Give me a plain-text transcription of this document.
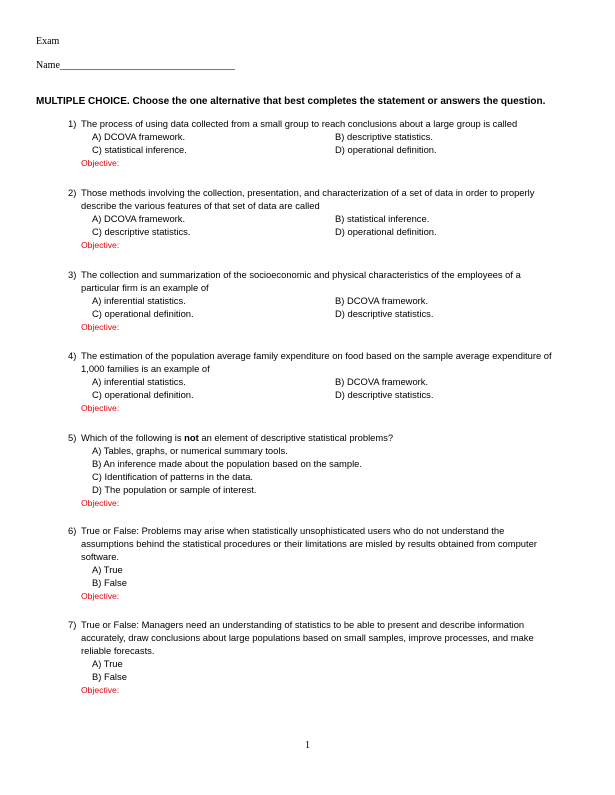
Exam
Name___________________________________
MULTIPLE CHOICE. Choose the one alternative that best completes the statement or answers the question.
1) The process of using data collected from a small group to reach conclusions about a large group is called
A) DCOVA framework.	B) descriptive statistics.
C) statistical inference.	D) operational definition.
Objective:
2) Those methods involving the collection, presentation, and characterization of a set of data in order to properly
describe the various features of that set of data are called
A) DCOVA framework.	B) statistical inference.
C) descriptive statistics.	D) operational definition.
Objective:
3) The collection and summarization of the socioeconomic and physical characteristics of the employees of a
particular firm is an example of
A) inferential statistics.	B) DCOVA framework.
C) operational definition.	D) descriptive statistics.
Objective:
4) The estimation of the population average family expenditure on food based on the sample average expenditure of
1,000 families is an example of
A) inferential statistics.	B) DCOVA framework.
C) operational definition.	D) descriptive statistics.
Objective:
5) Which of the following is not an element of descriptive statistical problems?
A) Tables, graphs, or numerical summary tools.
B) An inference made about the population based on the sample.
C) Identification of patterns in the data.
D) The population or sample of interest.
Objective:
6) True or False: Problems may arise when statistically unsophisticated users who do not understand the
assumptions behind the statistical procedures or their limitations are misled by results obtained from computer
software.
A) True
B) False
Objective:
7) True or False: Managers need an understanding of statistics to be able to present and describe information
accurately, draw conclusions about large populations based on small samples, improve processes, and make
reliable forecasts.
A) True
B) False
Objective:
1
